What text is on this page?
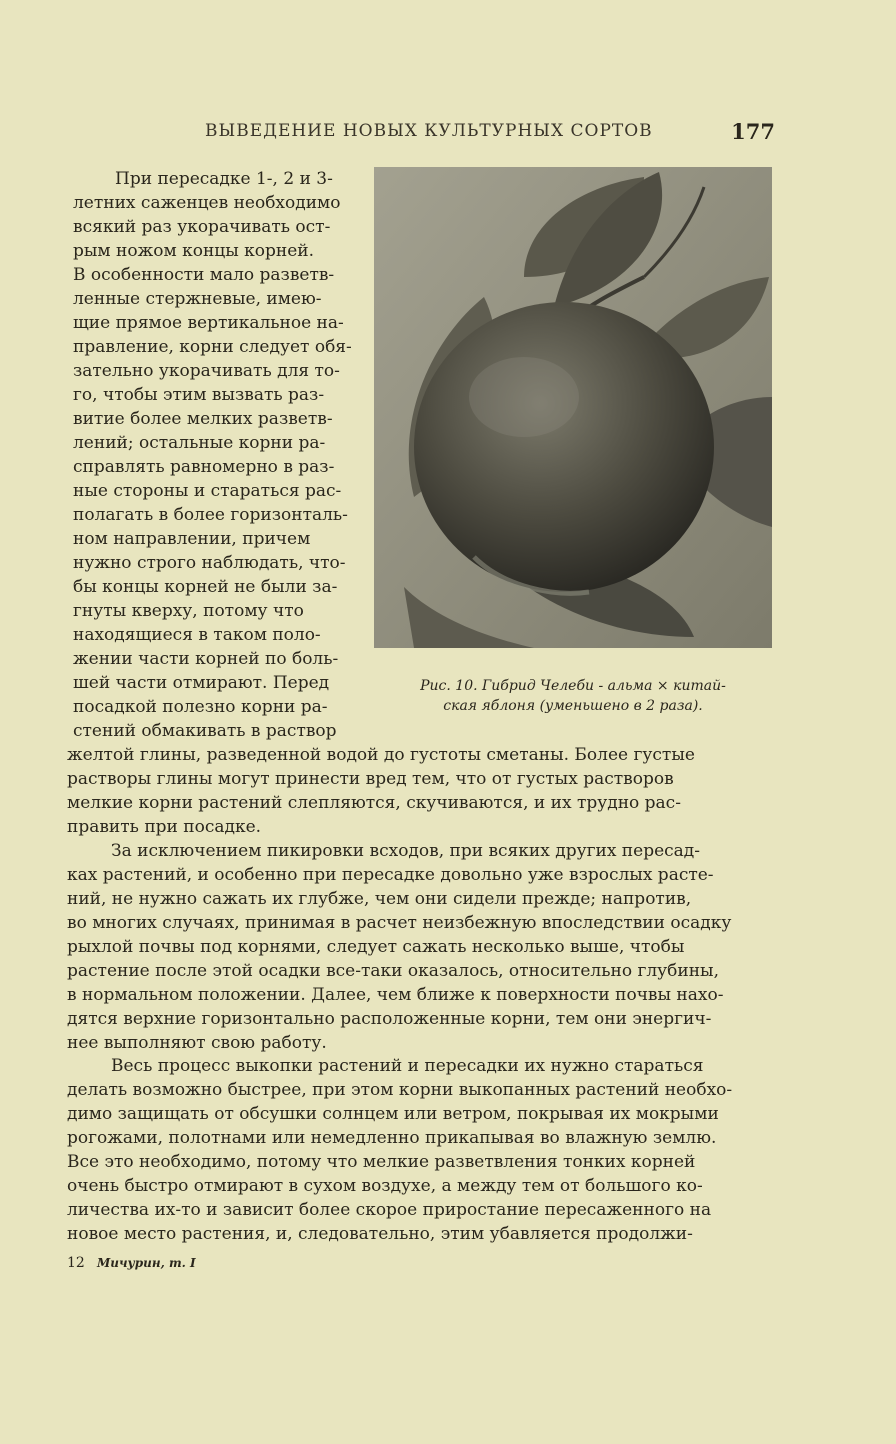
ВЫВЕДЕНИЕ НОВЫХ КУЛЬТУРНЫХ СОРТОВ	177

При пересадке 1-, 2 и 3-
летних саженцев необходимо
всякий раз укорачивать ост-
рым ножом концы корней.
В особенности мало разветв-
ленные стержневые, имею-
щие прямое вертикальное на-
правление, корни следует обя-
зательно укорачивать для то-
го, чтобы этим вызвать раз-
витие более мелких разветв-
лений; остальные корни ра-
справлять равномерно в раз-
ные стороны и стараться рас-
полагать в более горизонталь-
ном направлении, причем
нужно строго наблюдать, что-
бы концы корней не были за-
гнуты кверху, потому что
находящиеся в таком поло-
жении части корней по боль-
шей части отмирают. Перед
посадкой полезно корни ра-
стений обмакивать в раствор

Рис. 10. Гибрид Челеби - альма × китай-
ская яблоня (уменьшено в 2 раза).

желтой глины, разведенной водой до густоты сметаны. Более густые
растворы глины могут принести вред тем, что от густых растворов
мелкие корни растений слепляются, скучиваются, и их трудно рас-
править при посадке.

За исключением пикировки всходов, при всяких других пересад-
ках растений, и особенно при пересадке довольно уже взрослых расте-
ний, не нужно сажать их глубже, чем они сидели прежде; напротив,
во многих случаях, принимая в расчет неизбежную впоследствии осадку
рыхлой почвы под корнями, следует сажать несколько выше, чтобы
растение после этой осадки все-таки оказалось, относительно глубины,
в нормальном положении. Далее, чем ближе к поверхности почвы нахо-
дятся верхние горизонтально расположенные корни, тем они энергич-
нее выполняют свою работу.

Весь процесс выкопки растений и пересадки их нужно стараться
делать возможно быстрее, при этом корни выкопанных растений необхо-
димо защищать от обсушки солнцем или ветром, покрывая их мокрыми
рогожами, полотнами или немедленно прикапывая во влажную землю.
Все это необходимо, потому что мелкие разветвления тонких корней
очень быстро отмирают в сухом воздухе, а между тем от большого ко-
личества их-то и зависит более скорое приростание пересаженного на
новое место растения, и, следовательно, этим убавляется продолжи-

12 Мичурин, т. I
